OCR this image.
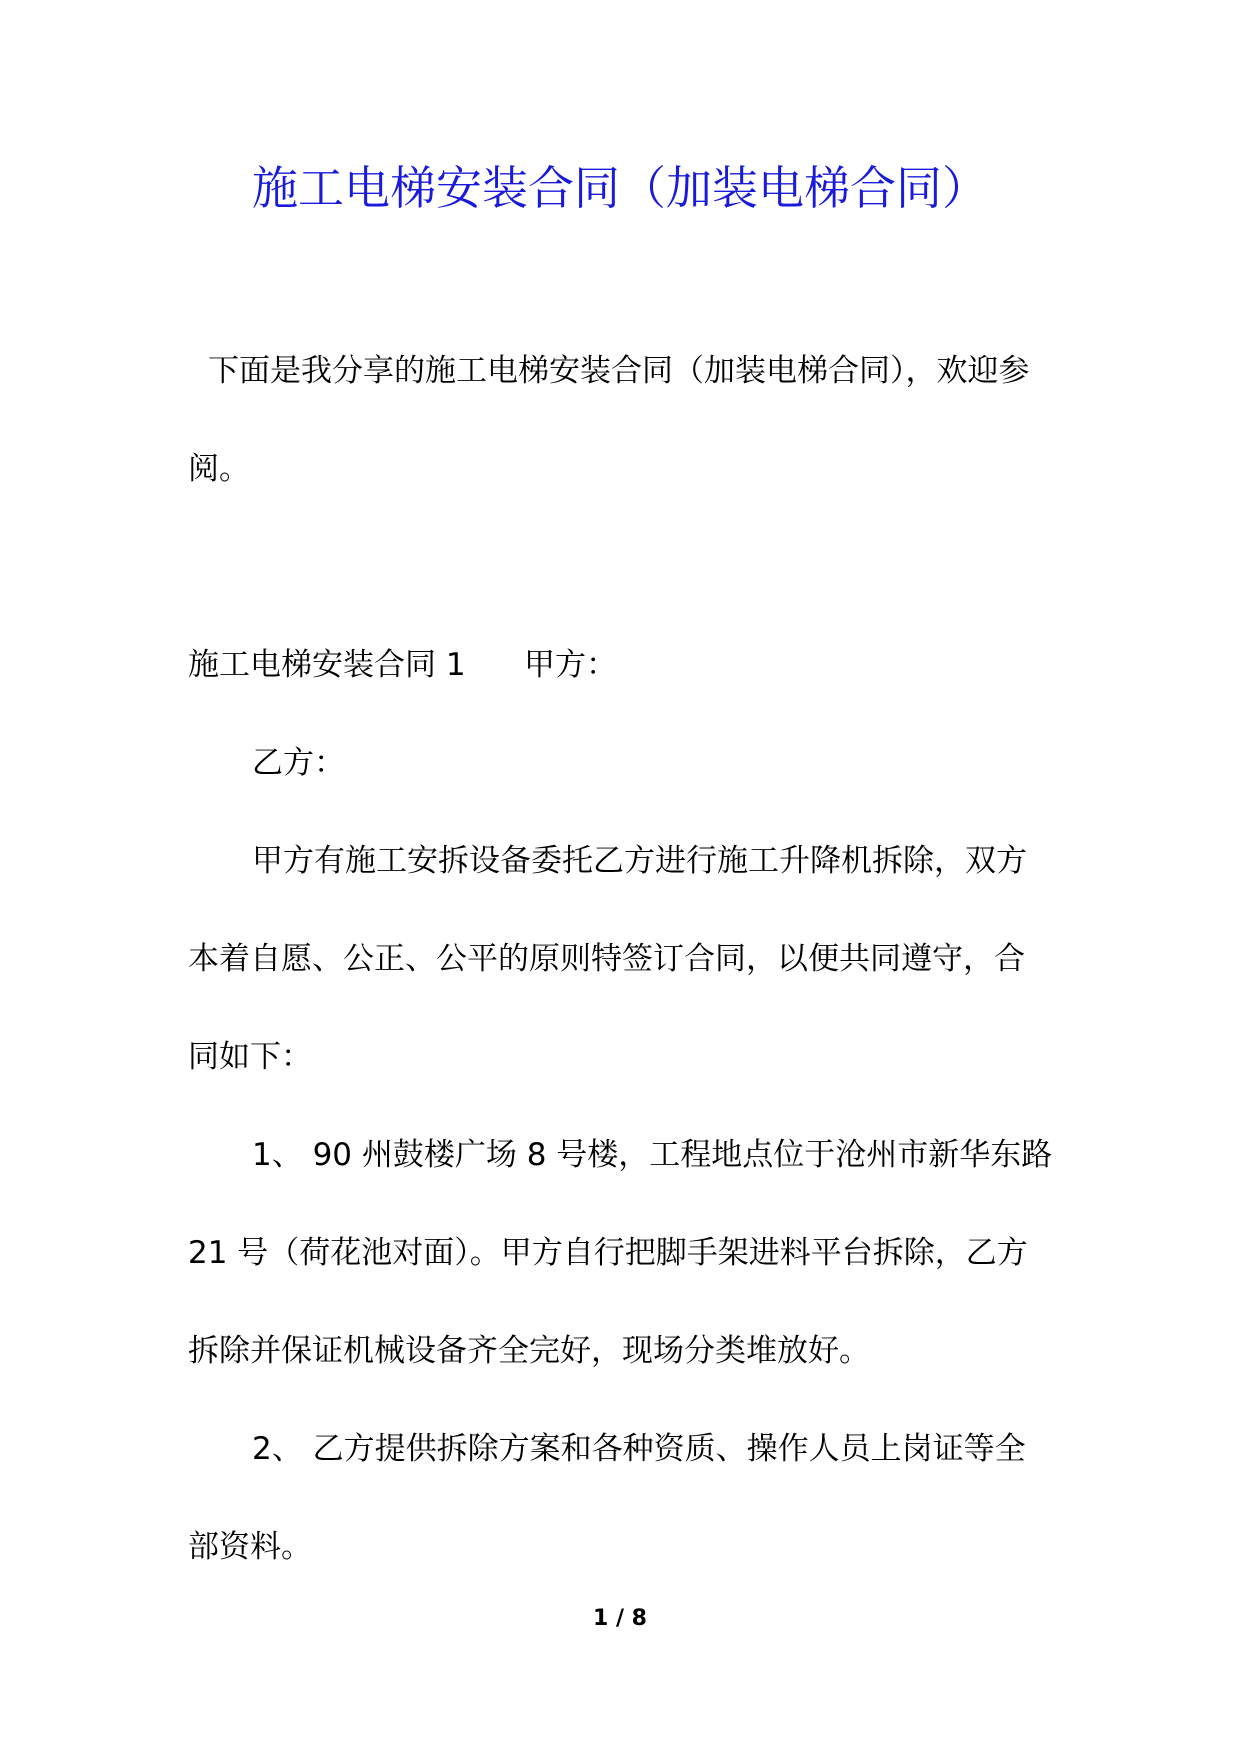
施工电梯安装合同（加装电梯合同）

下面是我分享的施工电梯安装合同（加装电梯合同），欢迎参
阅。

施工电梯安装合同 1 甲方：

乙方：
甲方有施工安拆设备委托乙方进行施工升降机拆除，双方
本着自愿、公正、公平的原则特签订合同，以便共同遵守，合
同如下：
1、 90 州鼓楼广场 8 号楼，工程地点位于沧州市新华东路
21 号（荷花池对面）。甲方自行把脚手架进料平台拆除，乙方
拆除并保证机械设备齐全完好，现场分类堆放好。
2、 乙方提供拆除方案和各种资质、操作人员上岗证等全
部资料。
1 / 8
